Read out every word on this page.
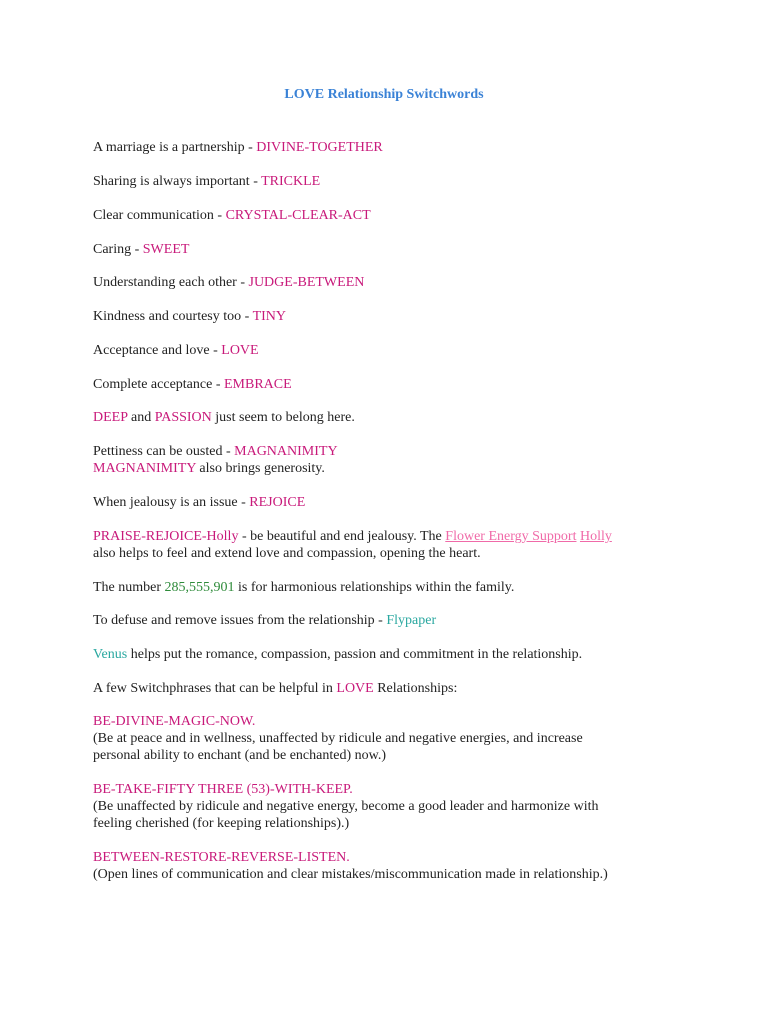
LOVE Relationship Switchwords
A marriage is a partnership - DIVINE-TOGETHER
Sharing is always important - TRICKLE
Clear communication - CRYSTAL-CLEAR-ACT
Caring - SWEET
Understanding each other - JUDGE-BETWEEN
Kindness and courtesy too - TINY
Acceptance and love - LOVE
Complete acceptance - EMBRACE
DEEP and PASSION just seem to belong here.
Pettiness can be ousted - MAGNANIMITY
MAGNANIMITY also brings generosity.
When jealousy is an issue - REJOICE
PRAISE-REJOICE-Holly - be beautiful and end jealousy. The Flower Energy Support Holly
also helps to feel and extend love and compassion, opening the heart.
The number 285,555,901 is for harmonious relationships within the family.
To defuse and remove issues from the relationship - Flypaper
Venus helps put the romance, compassion, passion and commitment in the relationship.
A few Switchphrases that can be helpful in LOVE Relationships:
BE-DIVINE-MAGIC-NOW.
(Be at peace and in wellness, unaffected by ridicule and negative energies, and increase
personal ability to enchant (and be enchanted) now.)
BE-TAKE-FIFTY THREE (53)-WITH-KEEP.
(Be unaffected by ridicule and negative energy, become a good leader and harmonize with
feeling cherished (for keeping relationships).)
BETWEEN-RESTORE-REVERSE-LISTEN.
(Open lines of communication and clear mistakes/miscommunication made in relationship.)
